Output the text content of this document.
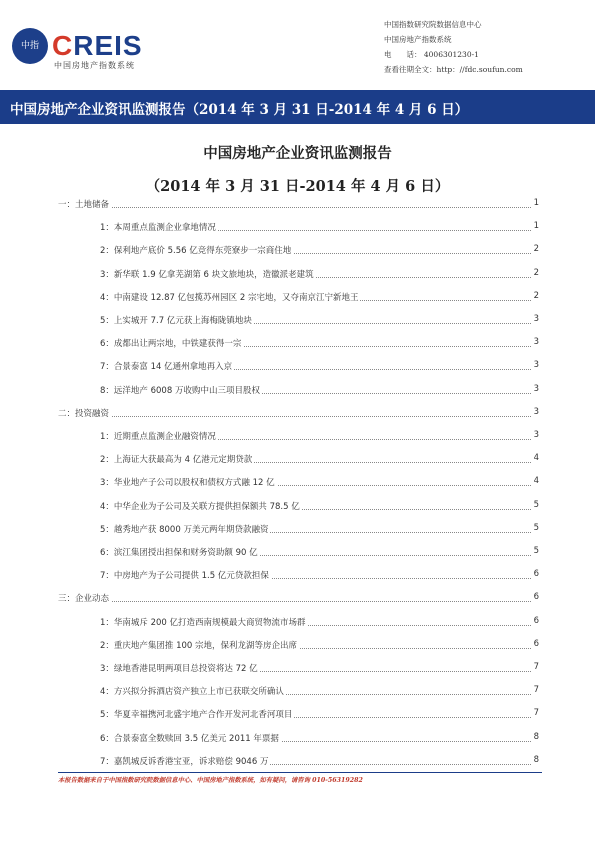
中指 CREIS
中国房地产指数系统
中国指数研究院数据信息中心
中国房地产指数系统
电　　话： 4006301230-1
查看往期全文：http：//fdc.soufun.com
中国房地产企业资讯监测报告（2014 年 3 月 31 日-2014 年 4 月 6 日）
中国房地产企业资讯监测报告
（2014 年 3 月 31 日-2014 年 4 月 6 日）
一：土地储备	1
1：本周重点监测企业拿地情况	1
2：保利地产底价 5.56 亿竞得东莞寮步一宗商住地	2
3：新华联 1.9 亿拿芜湖第 6 块文旅地块，造徽派老建筑	2
4：中南建设 12.87 亿包揽苏州园区 2 宗宅地，又夺南京江宁新地王	2
5：上实城开 7.7 亿元获上海梅陇镇地块	3
6：成都出让两宗地，中铁建获得一宗	3
7：合景泰富 14 亿通州拿地再入京	3
8：远洋地产 6008 万收购中山三项目股权	3
二：投资融资	3
1：近期重点监测企业融资情况	3
2：上海证大获最高为 4 亿港元定期贷款	4
3：华业地产子公司以股权和债权方式融 12 亿	4
4：中华企业为子公司及关联方提供担保额共 78.5 亿	5
5：越秀地产获 8000 万美元两年期贷款融资	5
6：滨江集团授出担保和财务资助额 90 亿	5
7：中房地产为子公司提供 1.5 亿元贷款担保	6
三：企业动态	6
1：华南城斥 200 亿打造西南规模最大商贸物流市场群	6
2：重庆地产集团推 100 宗地，保利龙湖等房企出席	6
3：绿地香港昆明两项目总投资将达 72 亿	7
4：方兴拟分拆酒店资产独立上市已获联交所确认	7
5：华夏幸福携河北盛宇地产合作开发河北香河项目	7
6：合景泰富全数赎回 3.5 亿美元 2011 年票据	8
7：嘉凯城反诉香港宝亚，诉求赔偿 9046 万	8
本报告数据来自于中国指数研究院数据信息中心、中国房地产指数系统，如有疑问，请咨询 010-56319282
